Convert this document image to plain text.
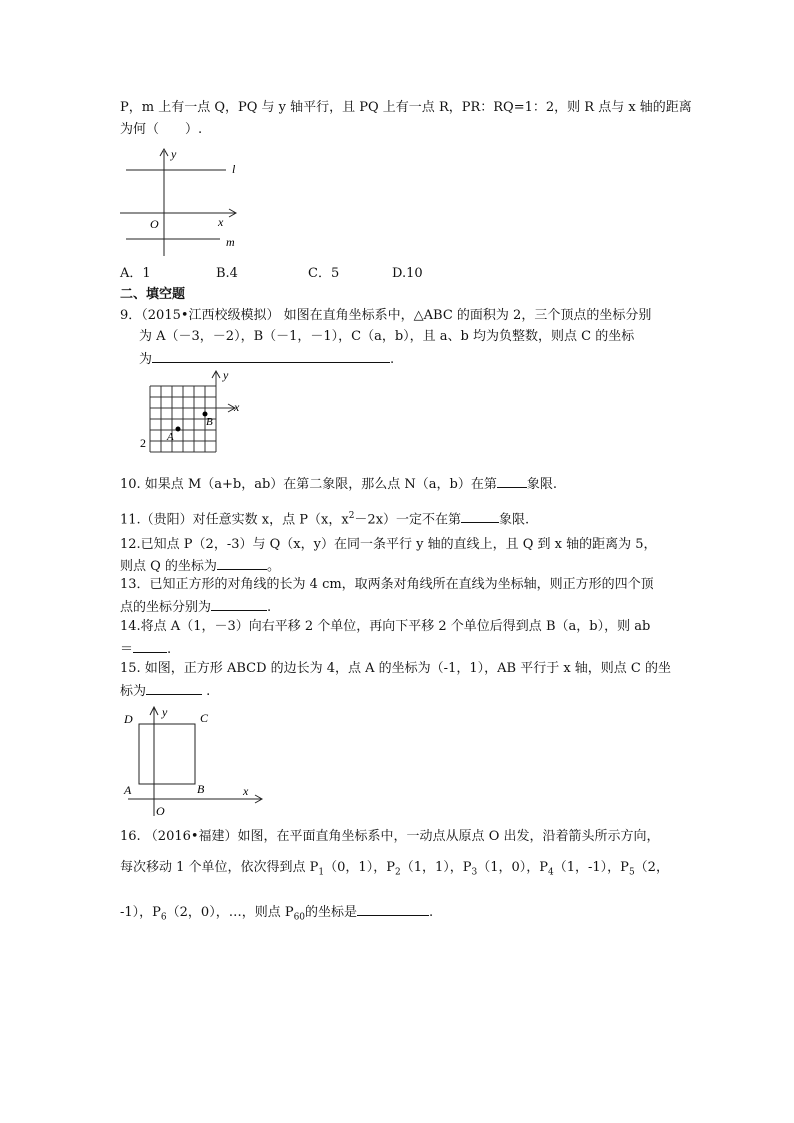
P，m 上有一点 Q，PQ 与 y 轴平行，且 PQ 上有一点 R，PR：RQ=1：2，则 R 点与 x 轴的距离
为何（　　）.
y
x
O
l
m
A．1	B.4	C．5	D.10
二、填空题
9．（2015•江西校级模拟） 如图在直角坐标系中，△ABC 的面积为 2，三个顶点的坐标分别
为 A（－3，－2），B（－1，－1），C（a，b），且 a、b 均为负整数，则点 C 的坐标
为	.
y
x
A
B
2
10. 如果点 M（a+b，ab）在第二象限，那么点 N（a，b）在第 象限.
11.（贵阳）对任意实数 x，点 P（x，$x^2-2x$）一定不在第	象限.
12.已知点 P（2，-3）与 Q（x，y）在同一条平行 y 轴的直线上，且 Q 到 x 轴的距离为 5，
则点 Q 的坐标为	。
13．已知正方形的对角线的长为 4 cm，取两条对角线所在直线为坐标轴，则正方形的四个顶
点的坐标分别为	.
14.将点 A（1，－3）向右平移 2 个单位，再向下平移 2 个单位后得到点 B（a，b），则 ab
＝	.
15. 如图，正方形 ABCD 的边长为 4，点 A 的坐标为（-1，1），AB 平行于 x 轴，则点 C 的坐
标为	.
D	C
A	B
O
y
x
16. （2016•福建）如图，在平面直角坐标系中，一动点从原点 O 出发，沿着箭头所示方向，
每次移动 1 个单位，依次得到点 $P_1(0$，1），$P_2(1$，1），$P_3(1$，0），$P_4(1$，-1），$P_5(2$，
-1），$P_6(2$，0），…，则点 $P_{60}$的坐标是	.
